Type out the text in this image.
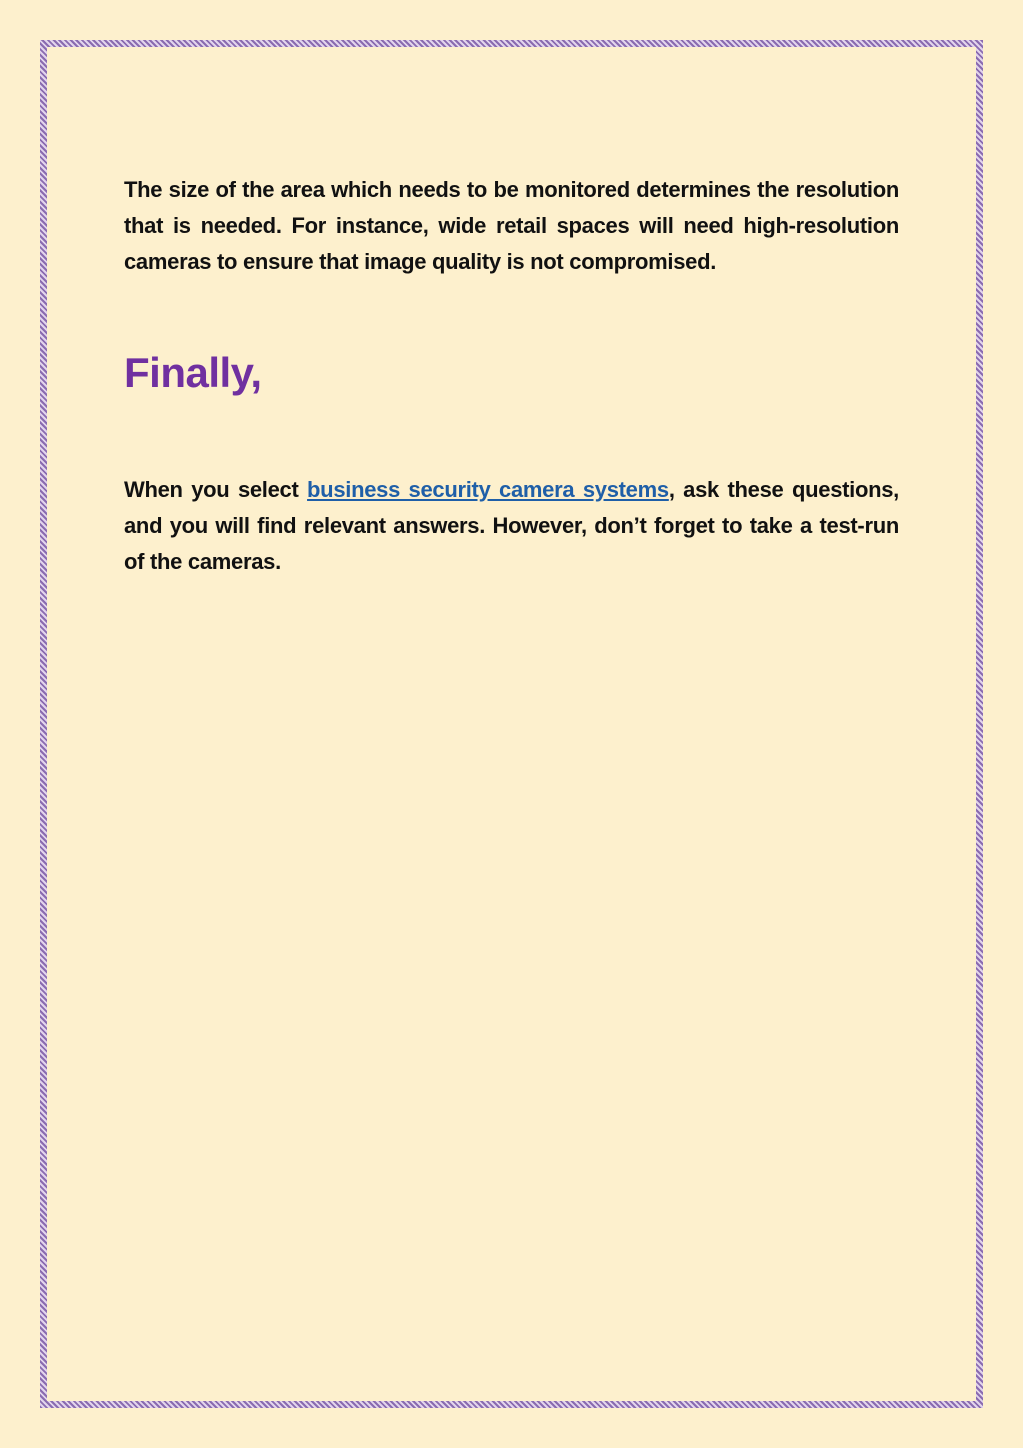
The size of the area which needs to be monitored determines the resolution that is needed. For instance, wide retail spaces will need high-resolution cameras to ensure that image quality is not compromised.

Finally,

When you select business security camera systems, ask these questions, and you will find relevant answers. However, don’t forget to take a test-run of the cameras.
